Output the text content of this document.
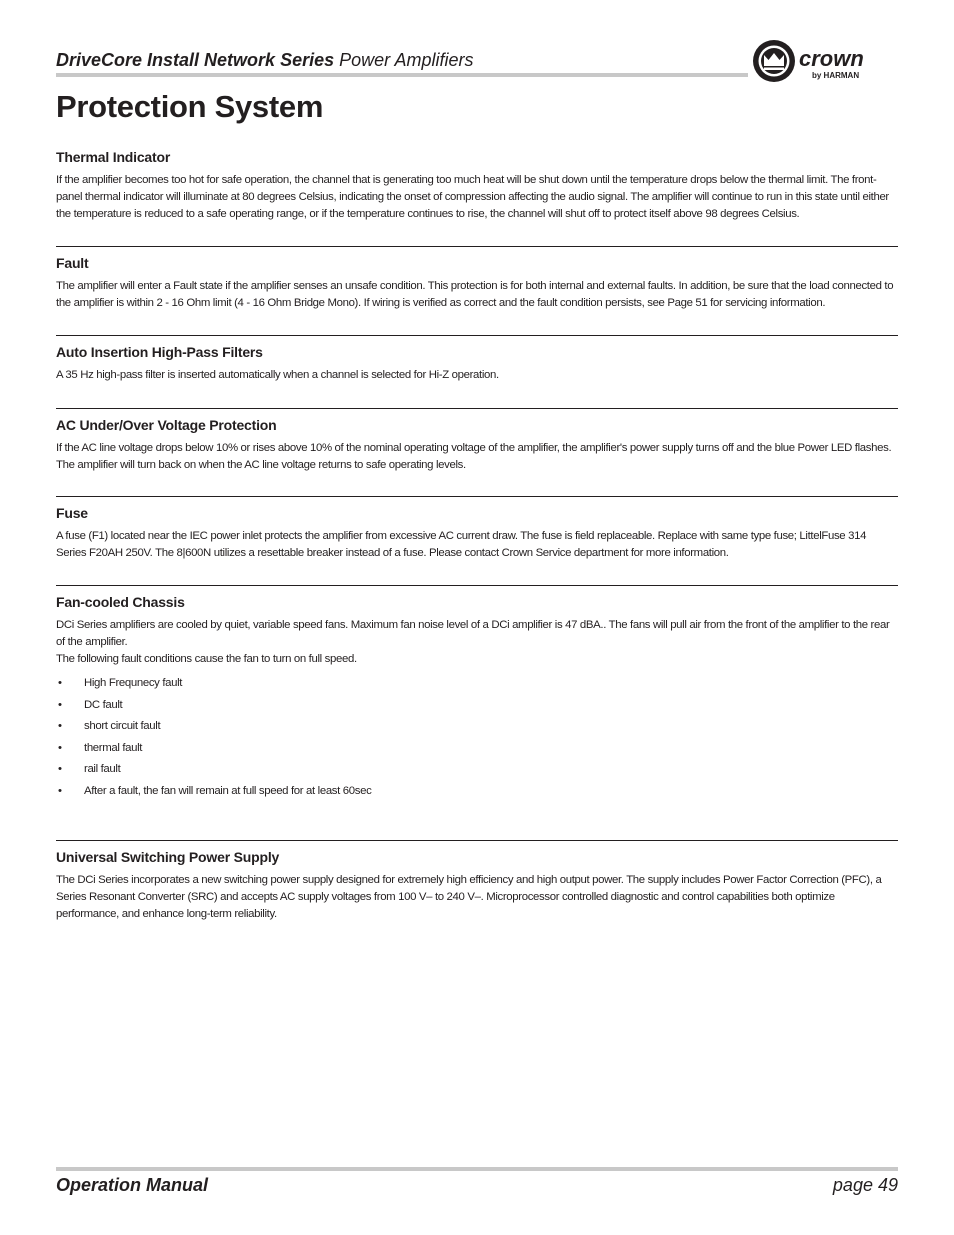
DriveCore Install Network Series Power Amplifiers	crown
by HARMAN
Protection System
Thermal Indicator

If the amplifier becomes too hot for safe operation, the channel that is generating too much heat will be shut down until the temperature drops below the thermal limit. The front-panel thermal indicator will illuminate at 80 degrees Celsius, indicating the onset of compression affecting the audio signal. The amplifier will continue to run in this state until either the temperature is reduced to a safe operating range, or if the temperature continues to rise, the channel will shut off to protect itself above 98 degrees Celsius.

Fault

The amplifier will enter a Fault state if the amplifier senses an unsafe condition. This protection is for both internal and external faults. In addition, be sure that the load connected to the amplifier is within 2 - 16 Ohm limit (4 - 16 Ohm Bridge Mono). If wiring is verified as correct and the fault condition persists, see Page 51 for servicing information.

Auto Insertion High-Pass Filters

A 35 Hz high-pass filter is inserted automatically when a channel is selected for Hi-Z operation.

AC Under/Over Voltage Protection

If the AC line voltage drops below 10% or rises above 10% of the nominal operating voltage of the amplifier, the amplifier's power supply turns off and the blue Power LED flashes. The amplifier will turn back on when the AC line voltage returns to safe operating levels.

Fuse

A fuse (F1) located near the IEC power inlet protects the amplifier from excessive AC current draw. The fuse is field replaceable. Replace with same type fuse; LittelFuse 314 Series F20AH 250V. The 8|600N utilizes a resettable breaker instead of a fuse. Please contact Crown Service department for more information.

Fan-cooled Chassis

DCi Series amplifiers are cooled by quiet, variable speed fans. Maximum fan noise level of a DCi amplifier is 47 dBA.. The fans will pull air from the front of the amplifier to the rear of the amplifier.

The following fault conditions cause the fan to turn on full speed.

• High Frequnecy fault
• DC fault
• short circuit fault
• thermal fault
• rail fault
• After a fault, the fan will remain at full speed for at least 60sec
Universal Switching Power Supply

The DCi Series incorporates a new switching power supply designed for extremely high efficiency and high output power. The supply includes Power Factor Correction (PFC), a Series Resonant Converter (SRC) and accepts AC supply voltages from 100 V– to 240 V–. Microprocessor controlled diagnostic and control capabilities both optimize performance, and enhance long-term reliability.

Operation Manual	page 49
